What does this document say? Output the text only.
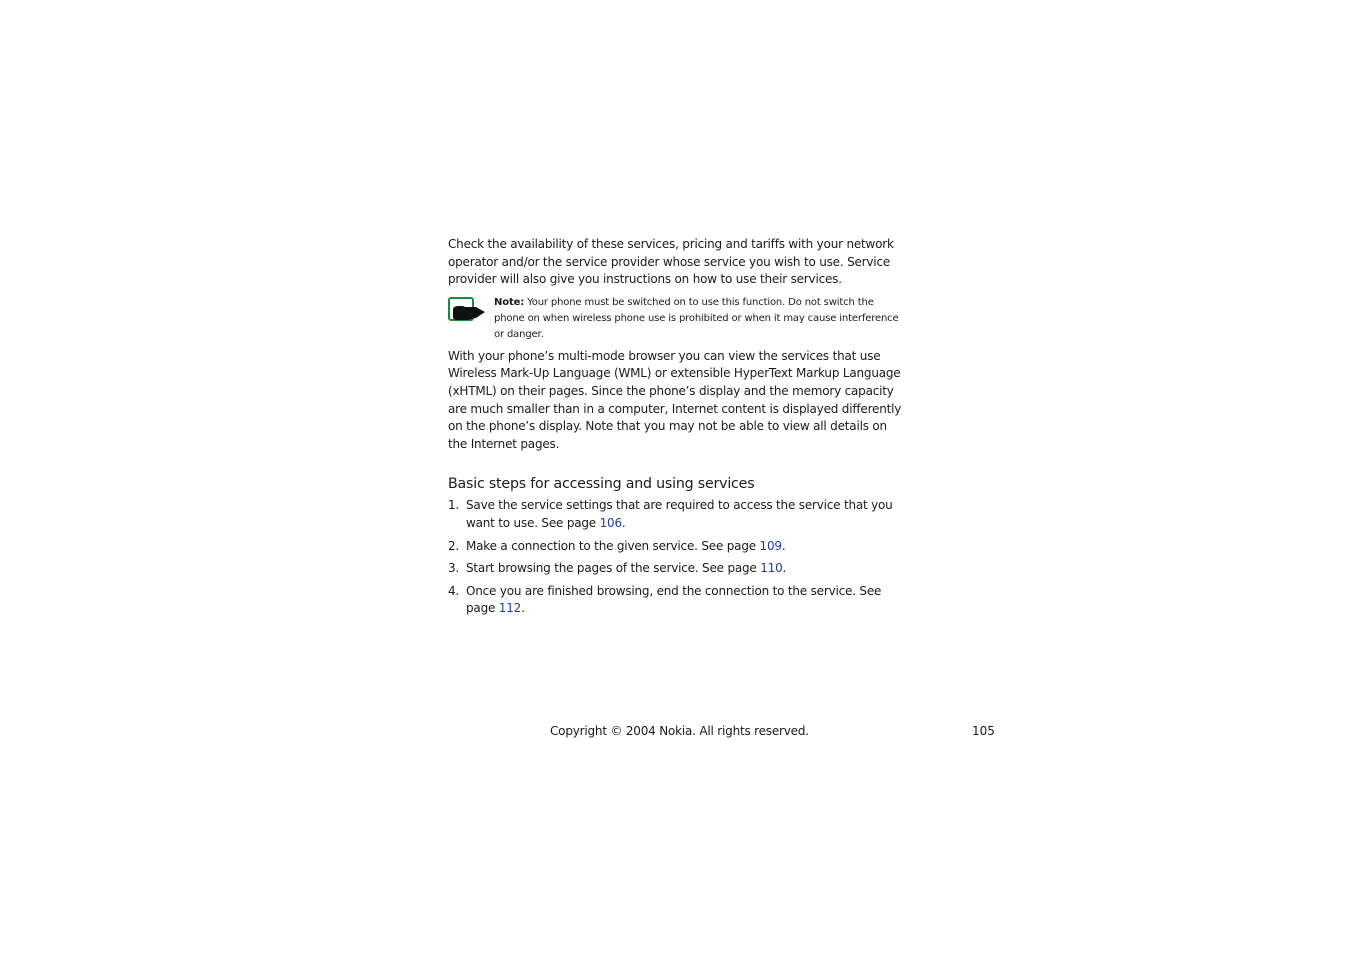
Check the availability of these services, pricing and tariffs with your network operator and/or the service provider whose service you wish to use. Service provider will also give you instructions on how to use their services.

Note: Your phone must be switched on to use this function. Do not switch the phone on when wireless phone use is prohibited or when it may cause interference or danger.

With your phone’s multi-mode browser you can view the services that use Wireless Mark-Up Language (WML) or extensible HyperText Markup Language (xHTML) on their pages. Since the phone’s display and the memory capacity are much smaller than in a computer, Internet content is displayed differently on the phone’s display. Note that you may not be able to view all details on the Internet pages.

Basic steps for accessing and using services
1. Save the service settings that are required to access the service that you want to use. See page 106.
2. Make a connection to the given service. See page 109.
3. Start browsing the pages of the service. See page 110.
4. Once you are finished browsing, end the connection to the service. See page 112.
Copyright © 2004 Nokia. All rights reserved.	105
